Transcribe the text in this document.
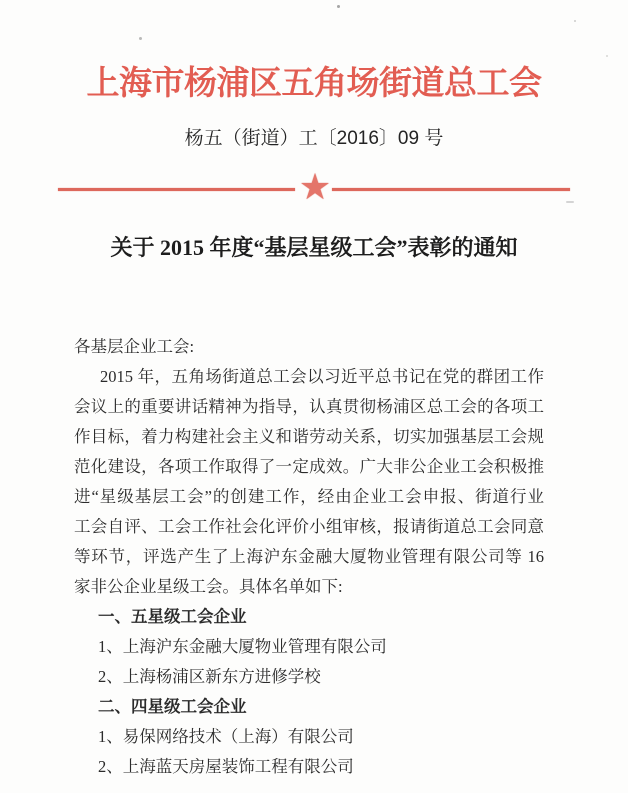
上海市杨浦区五角场街道总工会
杨五（街道）工〔2016〕09 号
★
关于 2015 年度“基层星级工会”表彰的通知
各基层企业工会:
2015 年，五角场街道总工会以习近平总书记在党的群团工作
会议上的重要讲话精神为指导，认真贯彻杨浦区总工会的各项工
作目标，着力构建社会主义和谐劳动关系，切实加强基层工会规
范化建设，各项工作取得了一定成效。广大非公企业工会积极推
进“星级基层工会”的创建工作，经由企业工会申报、街道行业
工会自评、工会工作社会化评价小组审核，报请街道总工会同意
等环节，评选产生了上海沪东金融大厦物业管理有限公司等 16
家非公企业星级工会。具体名单如下:
一、五星级工会企业
1、上海沪东金融大厦物业管理有限公司
2、上海杨浦区新东方进修学校
二、四星级工会企业
1、易保网络技术（上海）有限公司
2、上海蓝天房屋装饰工程有限公司
